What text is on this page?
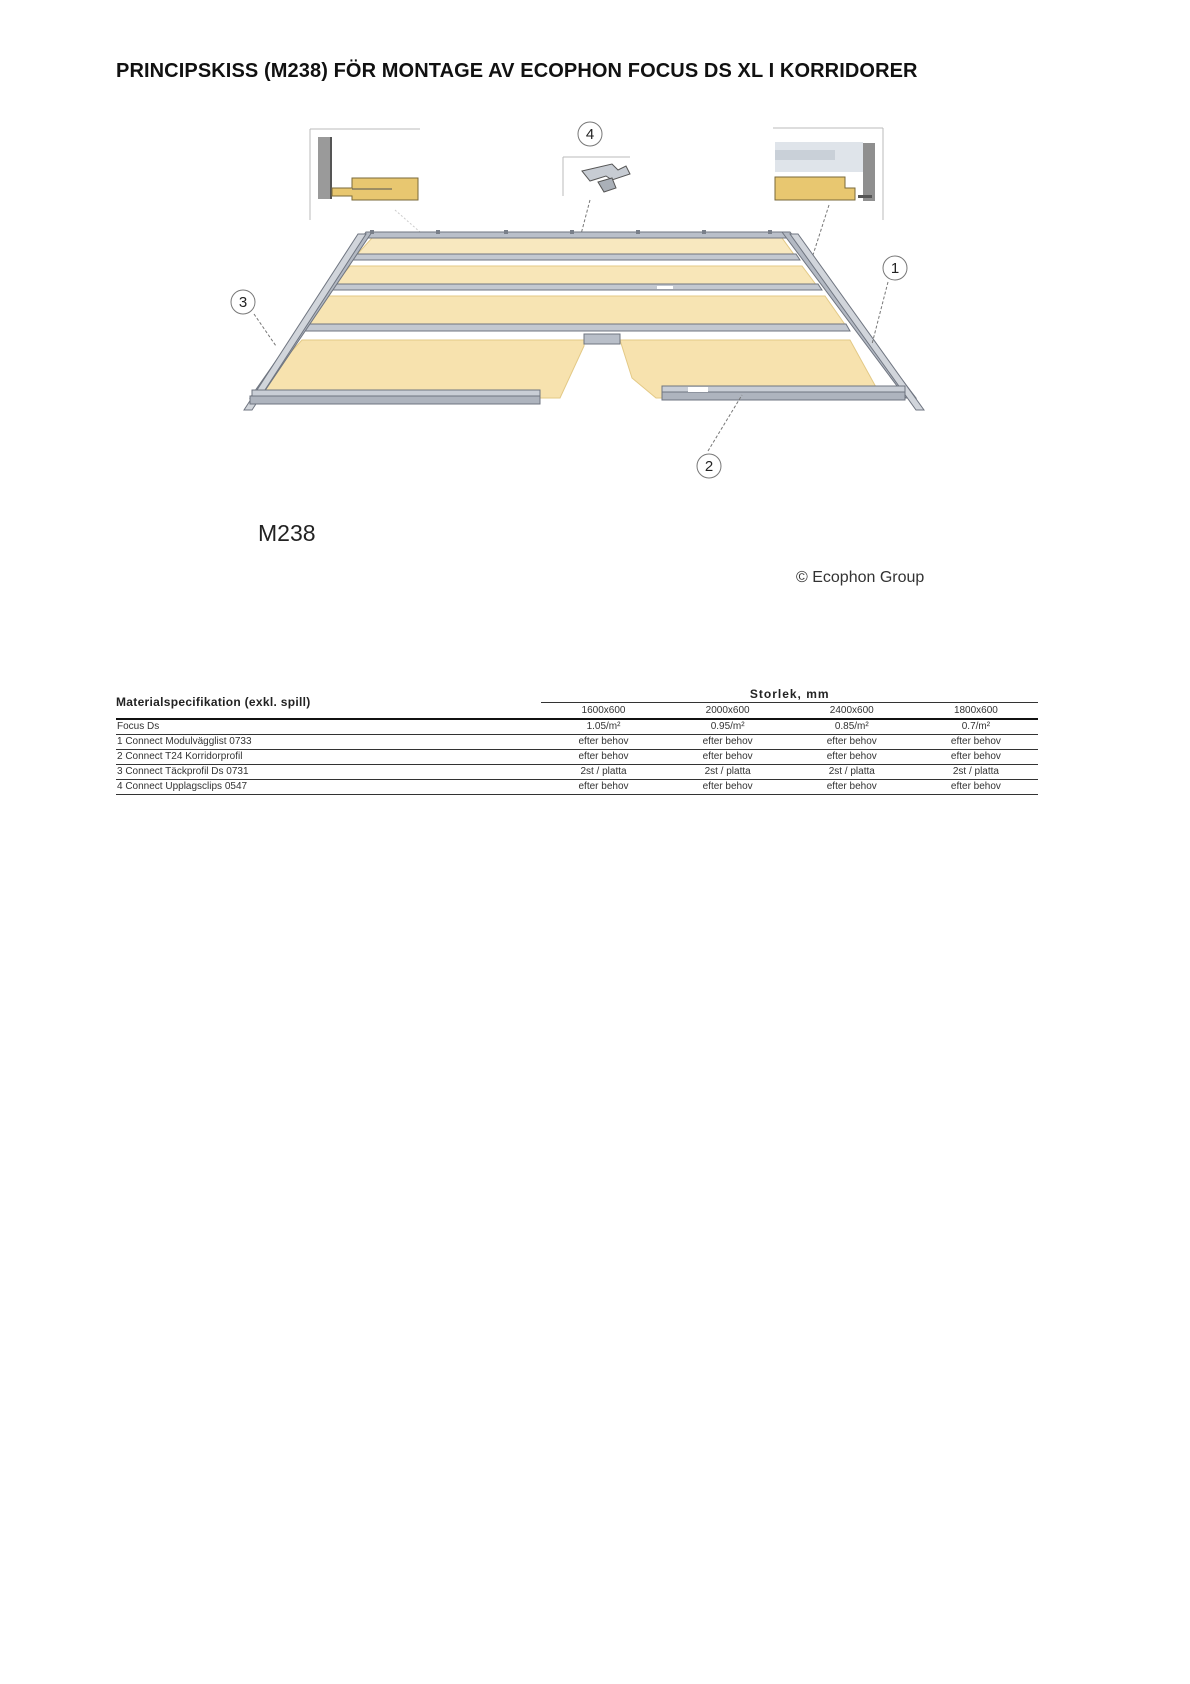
PRINCIPSKISS (M238) FÖR MONTAGE AV ECOPHON FOCUS DS XL I KORRIDORER
4
1
3
2
M238
© Ecophon Group
Materialspecifikation (exkl. spill)	Storlek, mm			
	1600x600	2000x600	2400x600	1800x600
Focus Ds	1.05/m²	0.95/m²	0.85/m²	0.7/m²
1 Connect Modulvägglist 0733	efter behov	efter behov	efter behov	efter behov
2 Connect T24 Korridorprofil	efter behov	efter behov	efter behov	efter behov
3 Connect Täckprofil Ds 0731	2st / platta	2st / platta	2st / platta	2st / platta
4 Connect Upplagsclips 0547	efter behov	efter behov	efter behov	efter behov
